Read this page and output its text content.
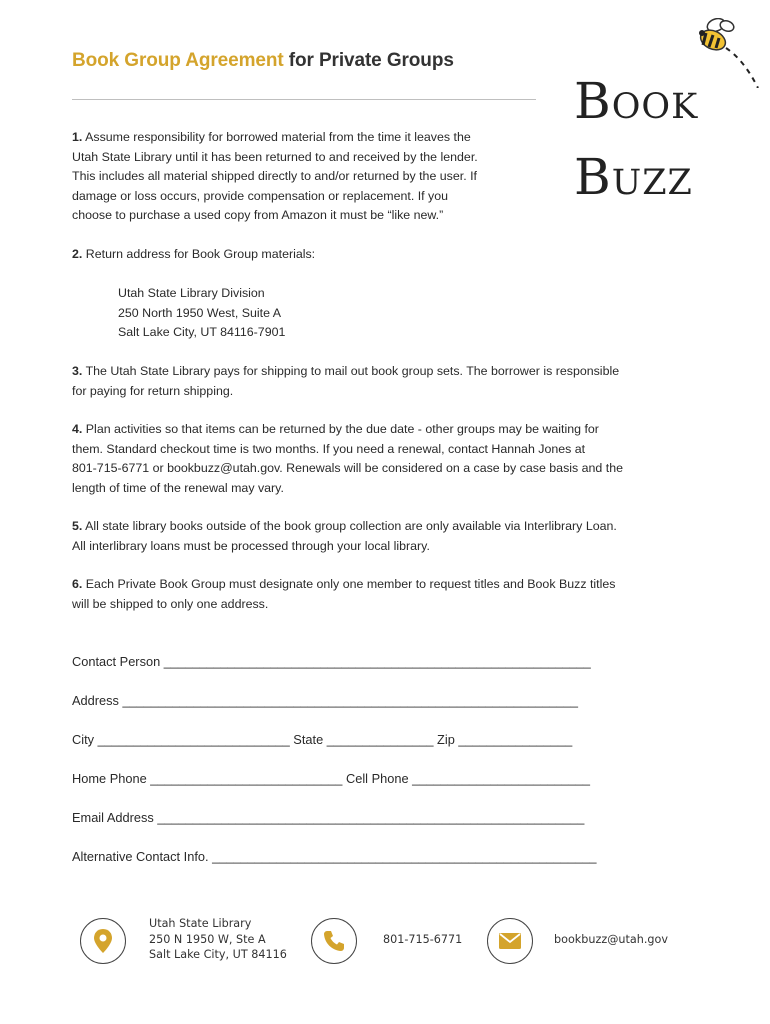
Book Group Agreement for Private Groups
Book
Buzz
1. Assume responsibility for borrowed material from the time it leaves the
Utah State Library until it has been returned to and received by the lender.
This includes all material shipped directly to and/or returned by the user. If
damage or loss occurs, provide compensation or replacement. If you
choose to purchase a used copy from Amazon it must be “like new.”
2. Return address for Book Group materials:
Utah State Library Division
250 North 1950 West, Suite A
Salt Lake City, UT 84116-7901
3. The Utah State Library pays for shipping to mail out book group sets. The borrower is responsible
for paying for return shipping.
4. Plan activities so that items can be returned by the due date - other groups may be waiting for
them. Standard checkout time is two months. If you need a renewal, contact Hannah Jones at
801-715-6771 or bookbuzz@utah.gov. Renewals will be considered on a case by case basis and the
length of time of the renewal may vary.
5. All state library books outside of the book group collection are only available via Interlibrary Loan.
All interlibrary loans must be processed through your local library.
6. Each Private Book Group must designate only one member to request titles and Book Buzz titles
will be shipped to only one address.
Contact Person ____________________________________________________________
Address ________________________________________________________________
City ___________________________ State _______________ Zip ________________
Home Phone ___________________________ Cell Phone _________________________
Email Address ____________________________________________________________
Alternative Contact Info. ______________________________________________________
Utah State Library
250 N 1950 W, Ste A
Salt Lake City, UT 84116
801-715-6771	bookbuzz@utah.gov
